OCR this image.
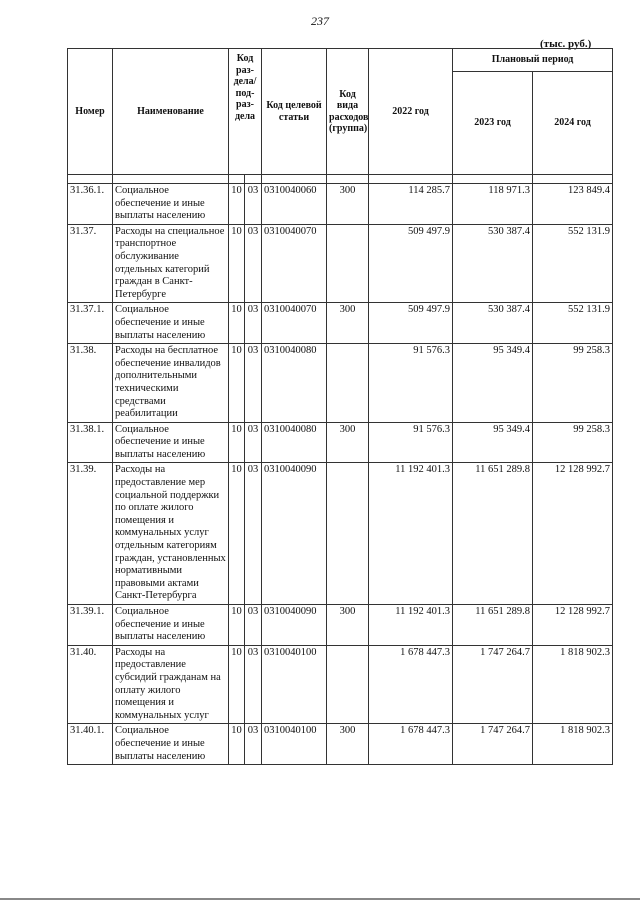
237
(тыс. руб.)
Номер	Наименование	Код раз- дела/ под- раз- дела		Код целевой статьи	Код вида расходов (группа)	2022 год	Плановый период	
							2023 год	2024 год

31.36.1.	Социальное обеспечение и иные выплаты населению	10	03	0310040060	300	114 285.7	118 971.3	123 849.4
31.37.	Расходы на специальное транспортное обслуживание отдельных категорий граждан в Санкт-Петербурге	10	03	0310040070		509 497.9	530 387.4	552 131.9
31.37.1.	Социальное обеспечение и иные выплаты населению	10	03	0310040070	300	509 497.9	530 387.4	552 131.9
31.38.	Расходы на бесплатное обеспечение инвалидов дополнительными техническими средствами реабилитации	10	03	0310040080		91 576.3	95 349.4	99 258.3
31.38.1.	Социальное обеспечение и иные выплаты населению	10	03	0310040080	300	91 576.3	95 349.4	99 258.3
31.39.	Расходы на предоставление мер социальной поддержки по оплате жилого помещения и коммунальных услуг отдельным категориям граждан, установленных нормативными правовыми актами Санкт-Петербурга	10	03	0310040090		11 192 401.3	11 651 289.8	12 128 992.7
31.39.1.	Социальное обеспечение и иные выплаты населению	10	03	0310040090	300	11 192 401.3	11 651 289.8	12 128 992.7
31.40.	Расходы на предоставление субсидий гражданам на оплату жилого помещения и коммунальных услуг	10	03	0310040100		1 678 447.3	1 747 264.7	1 818 902.3
31.40.1.	Социальное обеспечение и иные выплаты населению	10	03	0310040100	300	1 678 447.3	1 747 264.7	1 818 902.3
